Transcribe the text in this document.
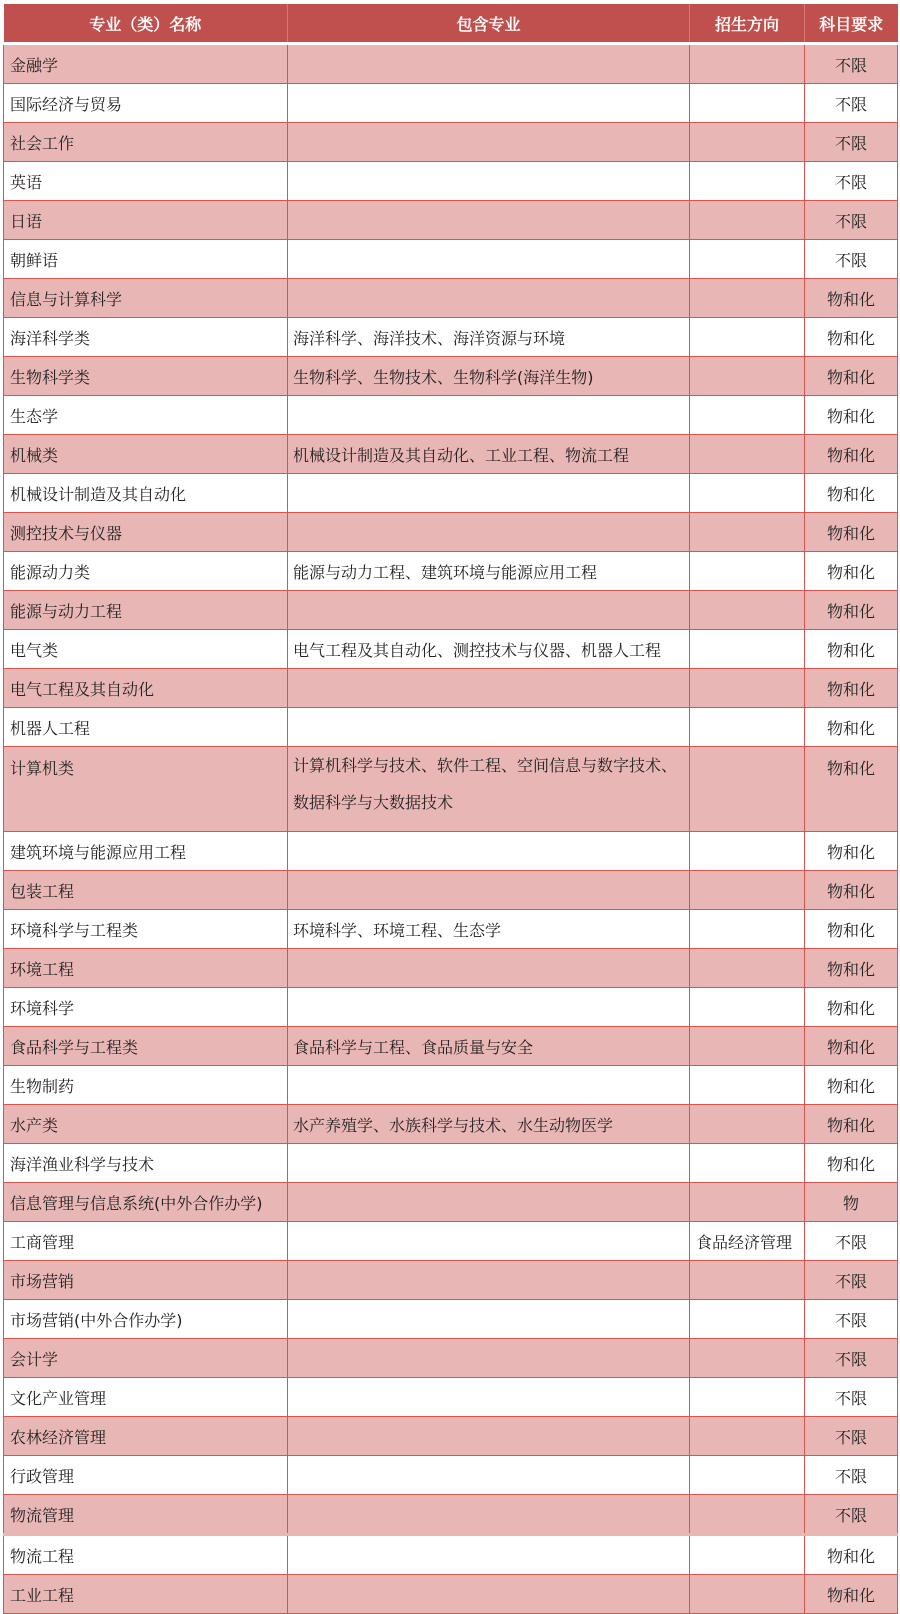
专业（类）名称	包含专业	招生方向	科目要求
金融学			不限
国际经济与贸易			不限
社会工作			不限
英语			不限
日语			不限
朝鲜语			不限
信息与计算科学			物和化
海洋科学类	海洋科学、海洋技术、海洋资源与环境		物和化
生物科学类	生物科学、生物技术、生物科学(海洋生物)		物和化
生态学			物和化
机械类	机械设计制造及其自动化、工业工程、物流工程		物和化
机械设计制造及其自动化			物和化
测控技术与仪器			物和化
能源动力类	能源与动力工程、建筑环境与能源应用工程		物和化
能源与动力工程			物和化
电气类	电气工程及其自动化、测控技术与仪器、机器人工程		物和化
电气工程及其自动化			物和化
机器人工程			物和化
计算机类	计算机科学与技术、软件工程、空间信息与数字技术、数据科学与大数据技术		物和化
建筑环境与能源应用工程			物和化
包装工程			物和化
环境科学与工程类	环境科学、环境工程、生态学		物和化
环境工程			物和化
环境科学			物和化
食品科学与工程类	食品科学与工程、食品质量与安全		物和化
生物制药			物和化
水产类	水产养殖学、水族科学与技术、水生动物医学		物和化
海洋渔业科学与技术			物和化
信息管理与信息系统(中外合作办学)			物
工商管理		食品经济管理	不限
市场营销			不限
市场营销(中外合作办学)			不限
会计学			不限
文化产业管理			不限
农林经济管理			不限
行政管理			不限
物流管理			不限
物流工程			物和化
工业工程			物和化
